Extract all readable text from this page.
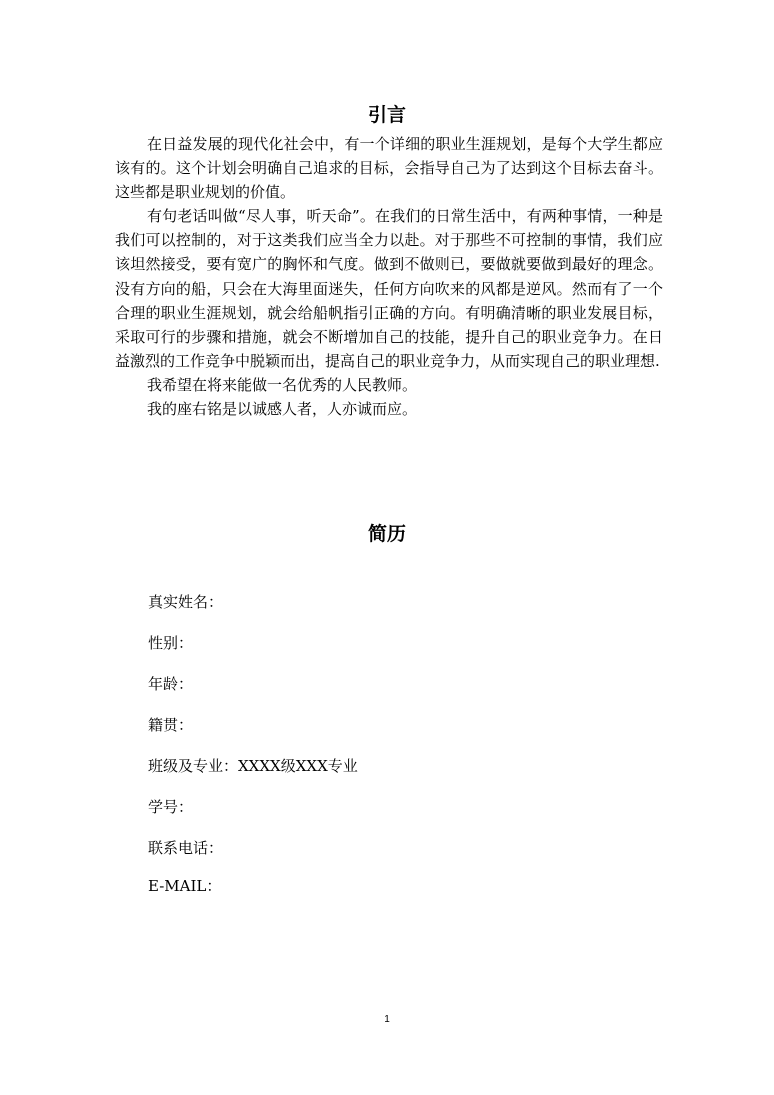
引言

在日益发展的现代化社会中，有一个详细的职业生涯规划，是每个大学生都应该有的。这个计划会明确自己追求的目标，会指导自己为了达到这个目标去奋斗。这些都是职业规划的价值。

有句老话叫做“尽人事，听天命”。在我们的日常生活中，有两种事情，一种是我们可以控制的，对于这类我们应当全力以赴。对于那些不可控制的事情，我们应该坦然接受，要有宽广的胸怀和气度。做到不做则已，要做就要做到最好的理念。没有方向的船，只会在大海里面迷失，任何方向吹来的风都是逆风。然而有了一个合理的职业生涯规划，就会给船帆指引正确的方向。有明确清晰的职业发展目标，采取可行的步骤和措施，就会不断增加自己的技能，提升自己的职业竞争力。在日益激烈的工作竞争中脱颖而出，提高自己的职业竞争力，从而实现自己的职业理想.

我希望在将来能做一名优秀的人民教师。

我的座右铭是以诚感人者，人亦诚而应。

简历
真实姓名：
性别：
年龄：
籍贯：
班级及专业：XXXX级XXX专业
学号：
联系电话：
E-MAIL：
1
